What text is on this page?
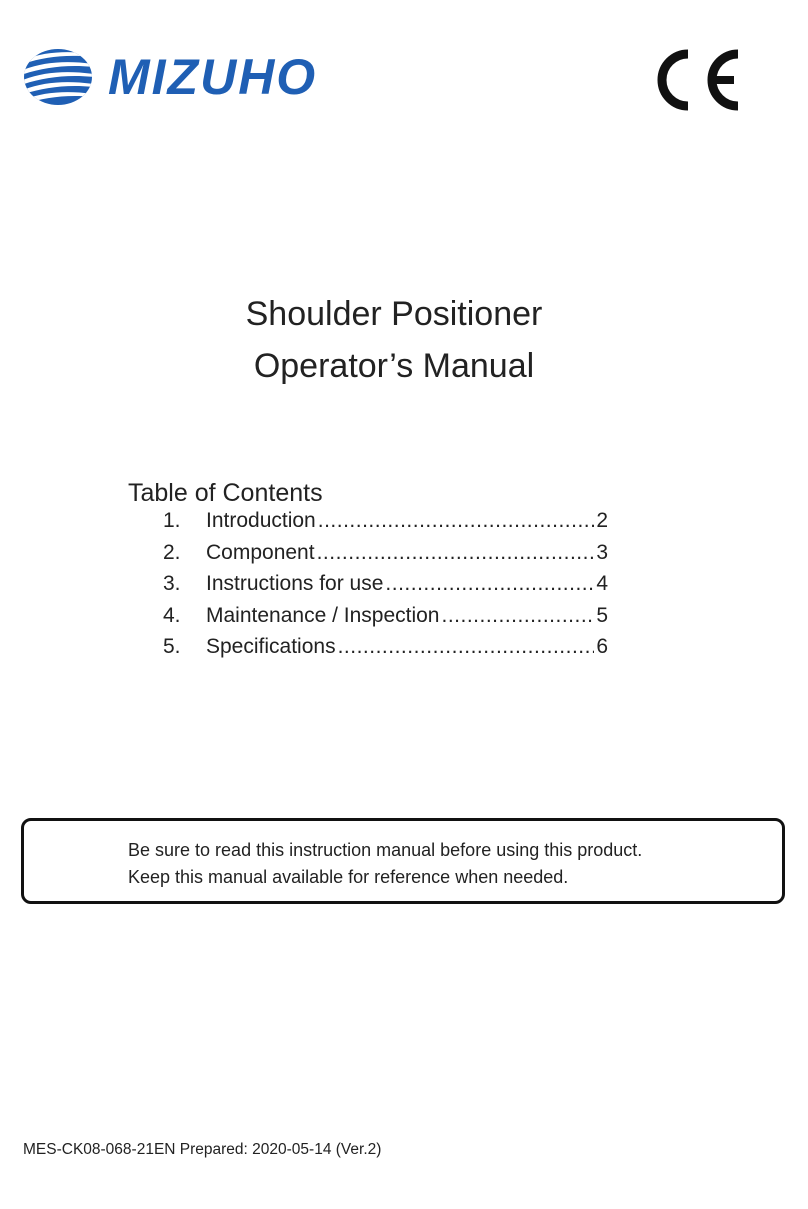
MIZUHO
Shoulder Positioner
Operator’s Manual
Table of Contents
1.	Introduction .....	2
2.	Component .....	3
3.	Instructions for use .....	4
4.	Maintenance / Inspection .....	5
5.	Specifications .....	6
Be sure to read this instruction manual before using this product.
Keep this manual available for reference when needed.
MES-CK08-068-21EN Prepared: 2020-05-14 (Ver.2)
